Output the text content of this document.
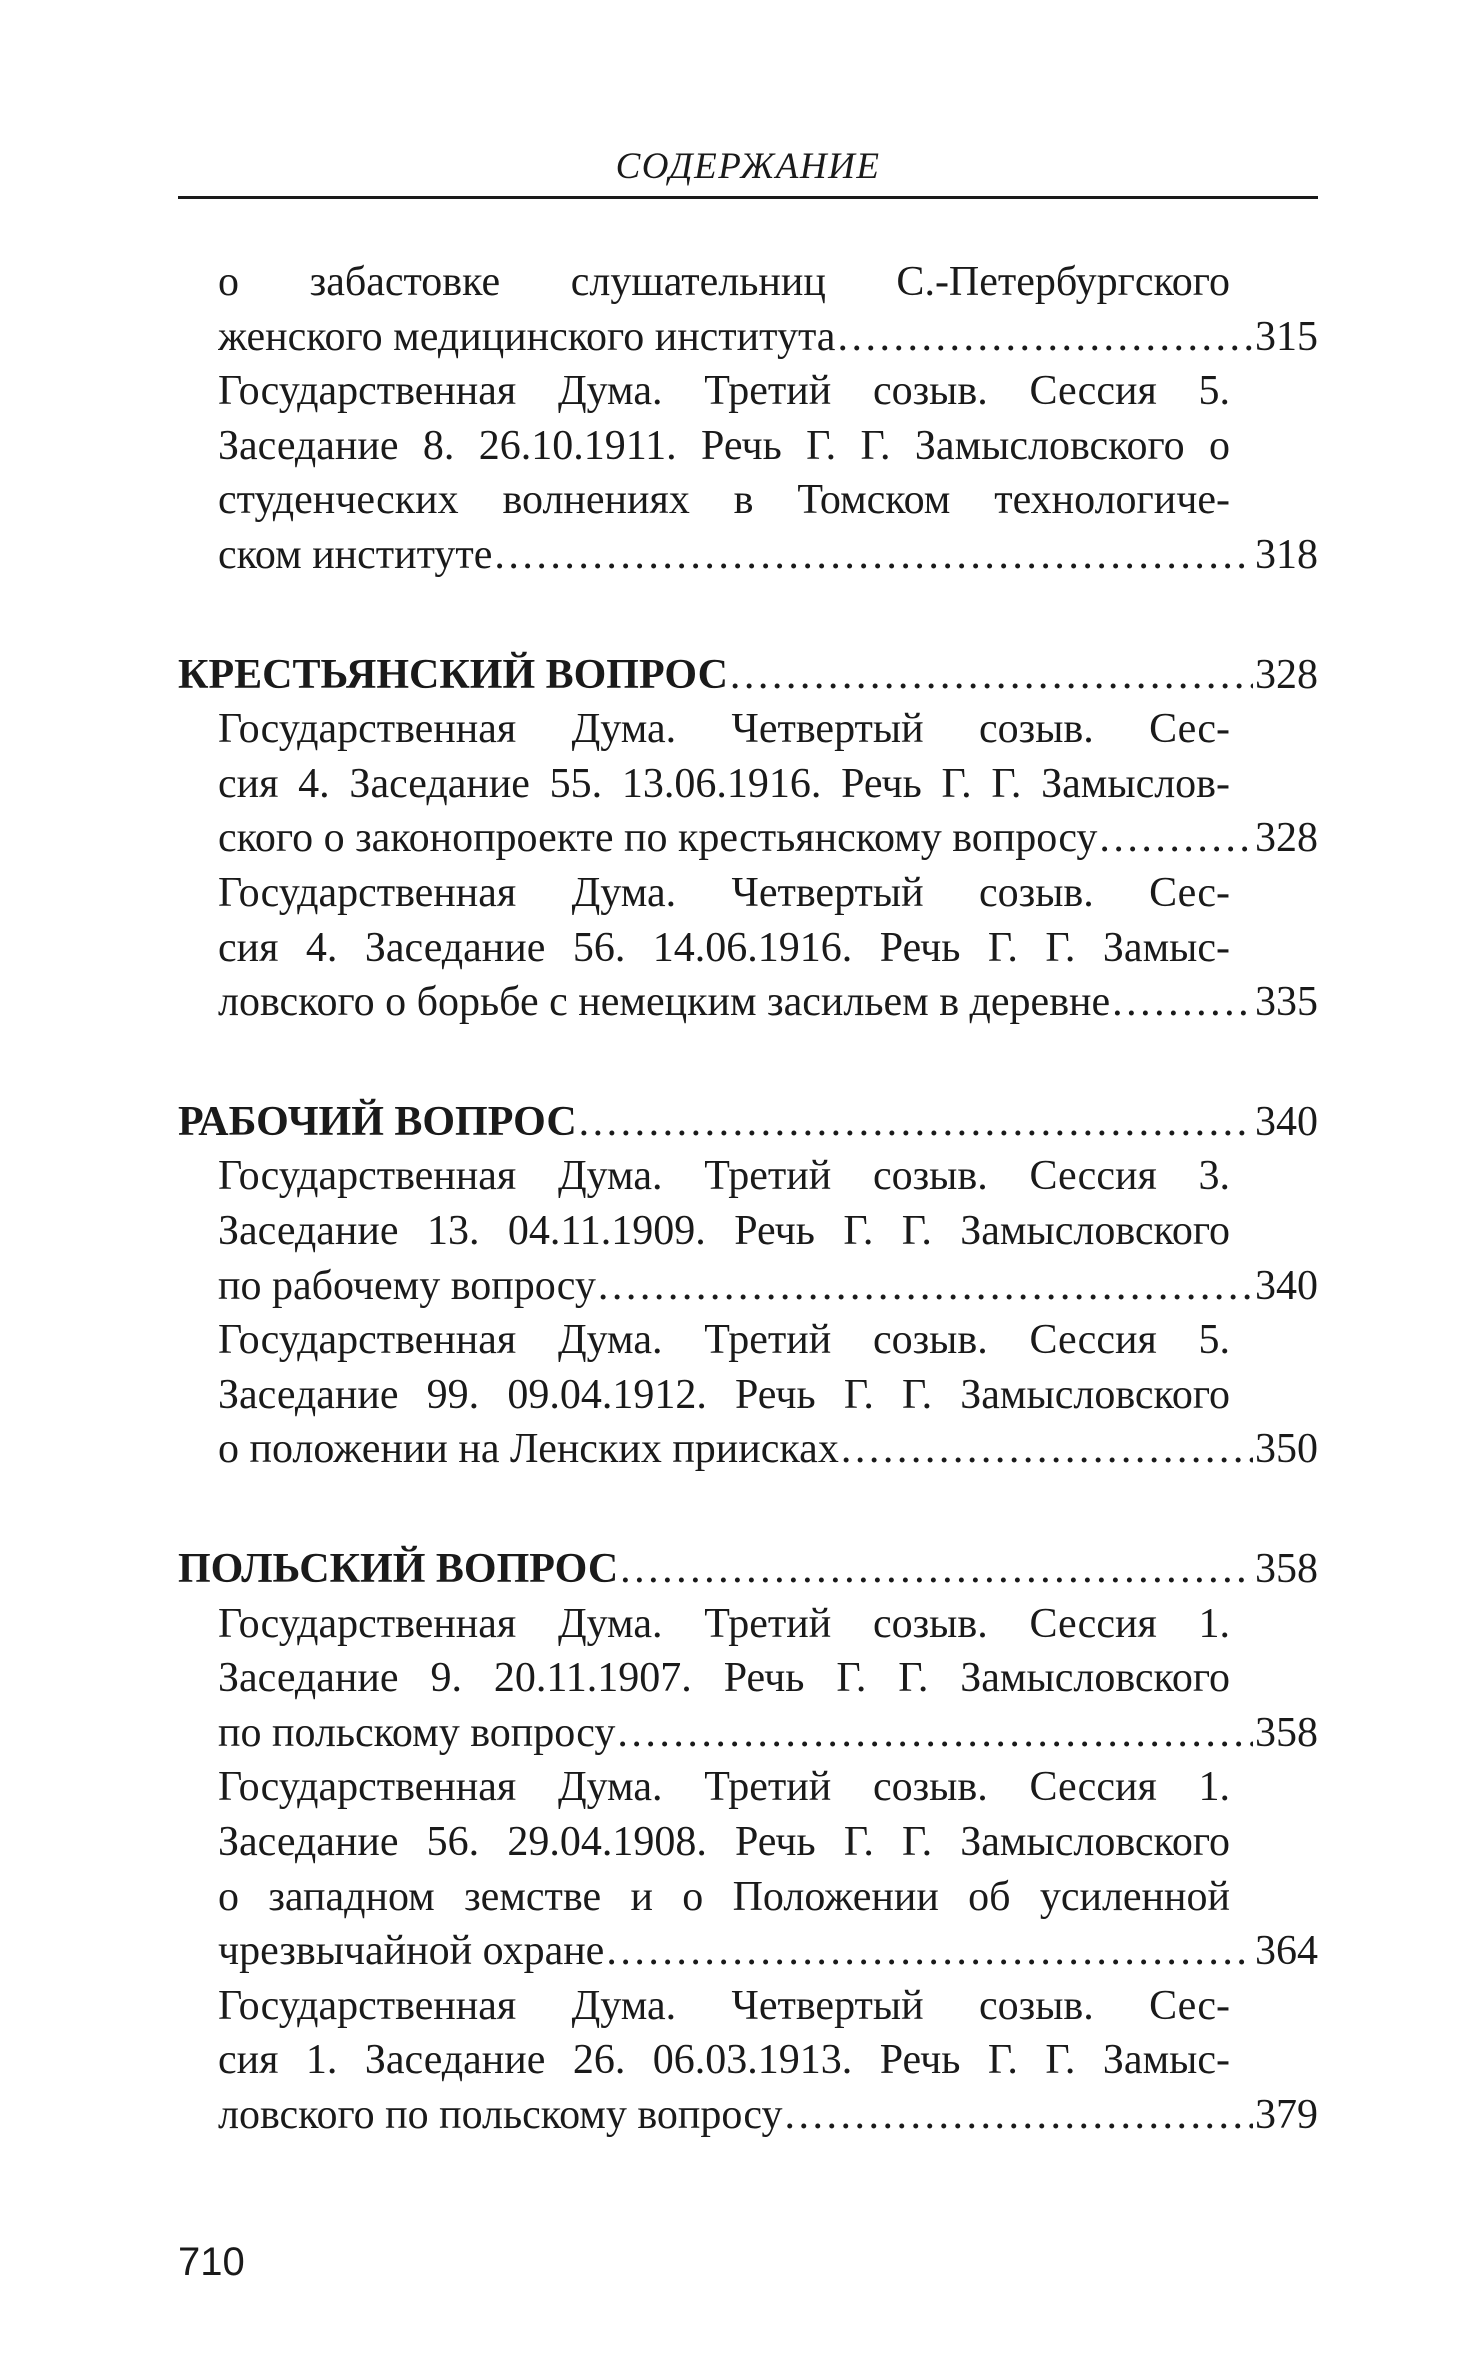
СОДЕРЖАНИЕ
о забастовке слушательниц С.-Петербургского
женского медицинского института . . .	315
Государственная Дума. Третий созыв. Сессия 5.
Заседание 8. 26.10.1911. Речь Г. Г. Замысловского о
студенческих волнениях в Томском технологиче-
ском институте . . .	318
КРЕСТЬЯНСКИЙ ВОПРОС . . .	328
Государственная Дума. Четвертый созыв. Сес-
сия 4. Заседание 55. 13.06.1916. Речь Г. Г. Замыслов-
ского о законопроекте по крестьянскому вопросу . . .	328
Государственная Дума. Четвертый созыв. Сес-
сия 4. Заседание 56. 14.06.1916. Речь Г. Г. Замыс-
ловского о борьбе с немецким засильем в деревне . . .	335
РАБОЧИЙ ВОПРОС . . .	340
Государственная Дума. Третий созыв. Сессия 3.
Заседание 13. 04.11.1909. Речь Г. Г. Замысловского
по рабочему вопросу . . .	340
Государственная Дума. Третий созыв. Сессия 5.
Заседание 99. 09.04.1912. Речь Г. Г. Замысловского
о положении на Ленских приисках . . .	350
ПОЛЬСКИЙ ВОПРОС . . .	358
Государственная Дума. Третий созыв. Сессия 1.
Заседание 9. 20.11.1907. Речь Г. Г. Замысловского
по польскому вопросу . . .	358
Государственная Дума. Третий созыв. Сессия 1.
Заседание 56. 29.04.1908. Речь Г. Г. Замысловского
о западном земстве и о Положении об усиленной
чрезвычайной охране . . .	364
Государственная Дума. Четвертый созыв. Сес-
сия 1. Заседание 26. 06.03.1913. Речь Г. Г. Замыс-
ловского по польскому вопросу . . .	379
710
